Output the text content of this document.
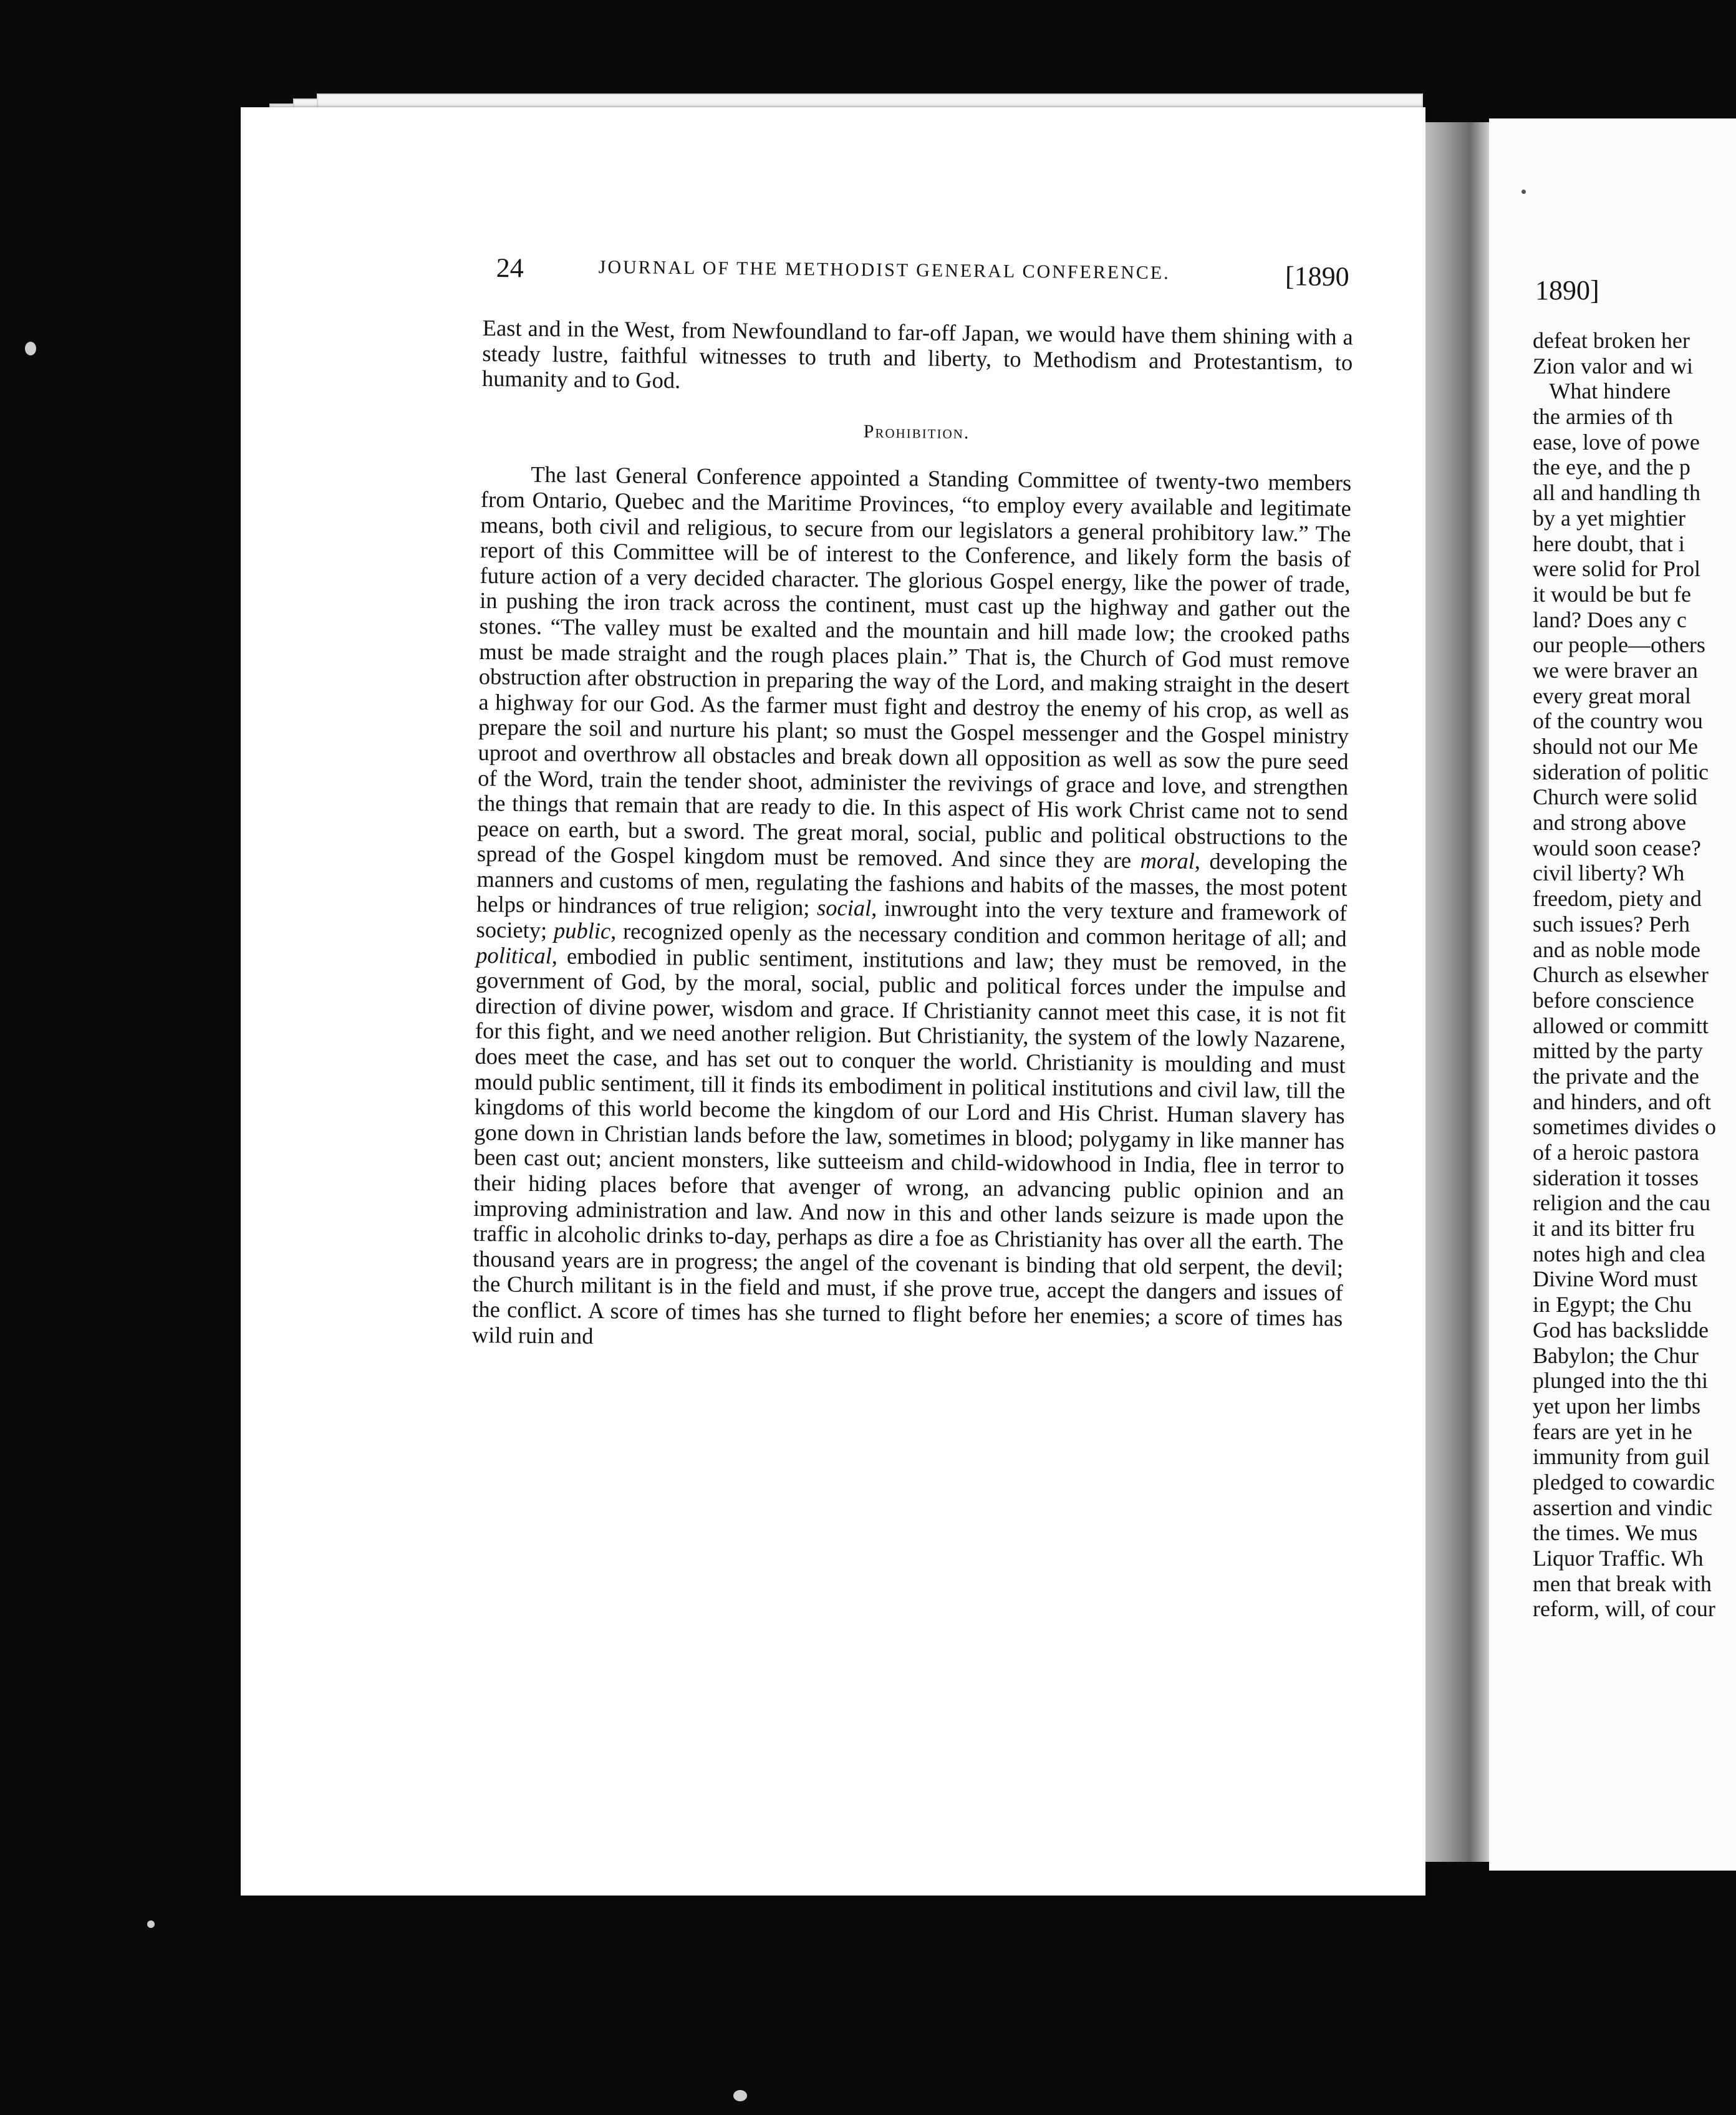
24	JOURNAL OF THE METHODIST GENERAL CONFERENCE.	[1890

East and in the West, from Newfoundland to far-off Japan, we would have them shining with a steady lustre, faithful witnesses to truth and liberty, to Methodism and Protestantism, to humanity and to God.

Prohibition.

The last General Conference appointed a Standing Committee of twenty-two members from Ontario, Quebec and the Maritime Provinces, “to employ every available and legitimate means, both civil and religious, to secure from our legislators a general prohibitory law.” The report of this Committee will be of interest to the Conference, and likely form the basis of future action of a very decided character. The glorious Gospel energy, like the power of trade, in pushing the iron track across the continent, must cast up the highway and gather out the stones. “The valley must be exalted and the mountain and hill made low; the crooked paths must be made straight and the rough places plain.” That is, the Church of God must remove obstruction after obstruction in preparing the way of the Lord, and making straight in the desert a highway for our God. As the farmer must fight and destroy the enemy of his crop, as well as prepare the soil and nurture his plant; so must the Gospel messenger and the Gospel ministry uproot and overthrow all obstacles and break down all opposition as well as sow the pure seed of the Word, train the tender shoot, administer the revivings of grace and love, and strengthen the things that remain that are ready to die. In this aspect of His work Christ came not to send peace on earth, but a sword. The great moral, social, public and political obstructions to the spread of the Gospel kingdom must be removed. And since they are moral, developing the manners and customs of men, regulating the fashions and habits of the masses, the most potent helps or hindrances of true religion; social, inwrought into the very texture and framework of society; public, recognized openly as the necessary condition and common heritage of all; and political, embodied in public sentiment, institutions and law; they must be removed, in the government of God, by the moral, social, public and political forces under the impulse and direction of divine power, wisdom and grace. If Christianity cannot meet this case, it is not fit for this fight, and we need another religion. But Christianity, the system of the lowly Nazarene, does meet the case, and has set out to conquer the world. Christianity is moulding and must mould public sentiment, till it finds its embodiment in political institutions and civil law, till the kingdoms of this world become the kingdom of our Lord and His Christ. Human slavery has gone down in Christian lands before the law, sometimes in blood; polygamy in like manner has been cast out; ancient monsters, like sutteeism and child-widowhood in India, flee in terror to their hiding places before that avenger of wrong, an advancing public opinion and an improving administration and law. And now in this and other lands seizure is made upon the traffic in alcoholic drinks to-day, perhaps as dire a foe as Christianity has over all the earth. The thousand years are in progress; the angel of the covenant is binding that old serpent, the devil; the Church militant is in the field and must, if she prove true, accept the dangers and issues of the conflict. A score of times has she turned to flight before her enemies; a score of times has wild ruin and

1890]
defeat broken her
Zion valor and wi
What hindere
the armies of th
ease, love of powe
the eye, and the p
all and handling th
by a yet mightier
here doubt, that i
were solid for Prol
it would be but fe
land? Does any c
our people—others
we were braver an
every great moral
of the country wou
should not our Me
sideration of politic
Church were solid
and strong above
would soon cease?
civil liberty? Wh
freedom, piety and
such issues? Perh
and as noble mode
Church as elsewher
before conscience
allowed or committ
mitted by the party
the private and the
and hinders, and oft
sometimes divides o
of a heroic pastora
sideration it tosses
religion and the cau
it and its bitter fru
notes high and clea
Divine Word must
in Egypt; the Chu
God has backslidde
Babylon; the Chur
plunged into the thi
yet upon her limbs
fears are yet in he
immunity from guil
pledged to cowardic
assertion and vindic
the times. We mus
Liquor Traffic. Wh
men that break with
reform, will, of cour
